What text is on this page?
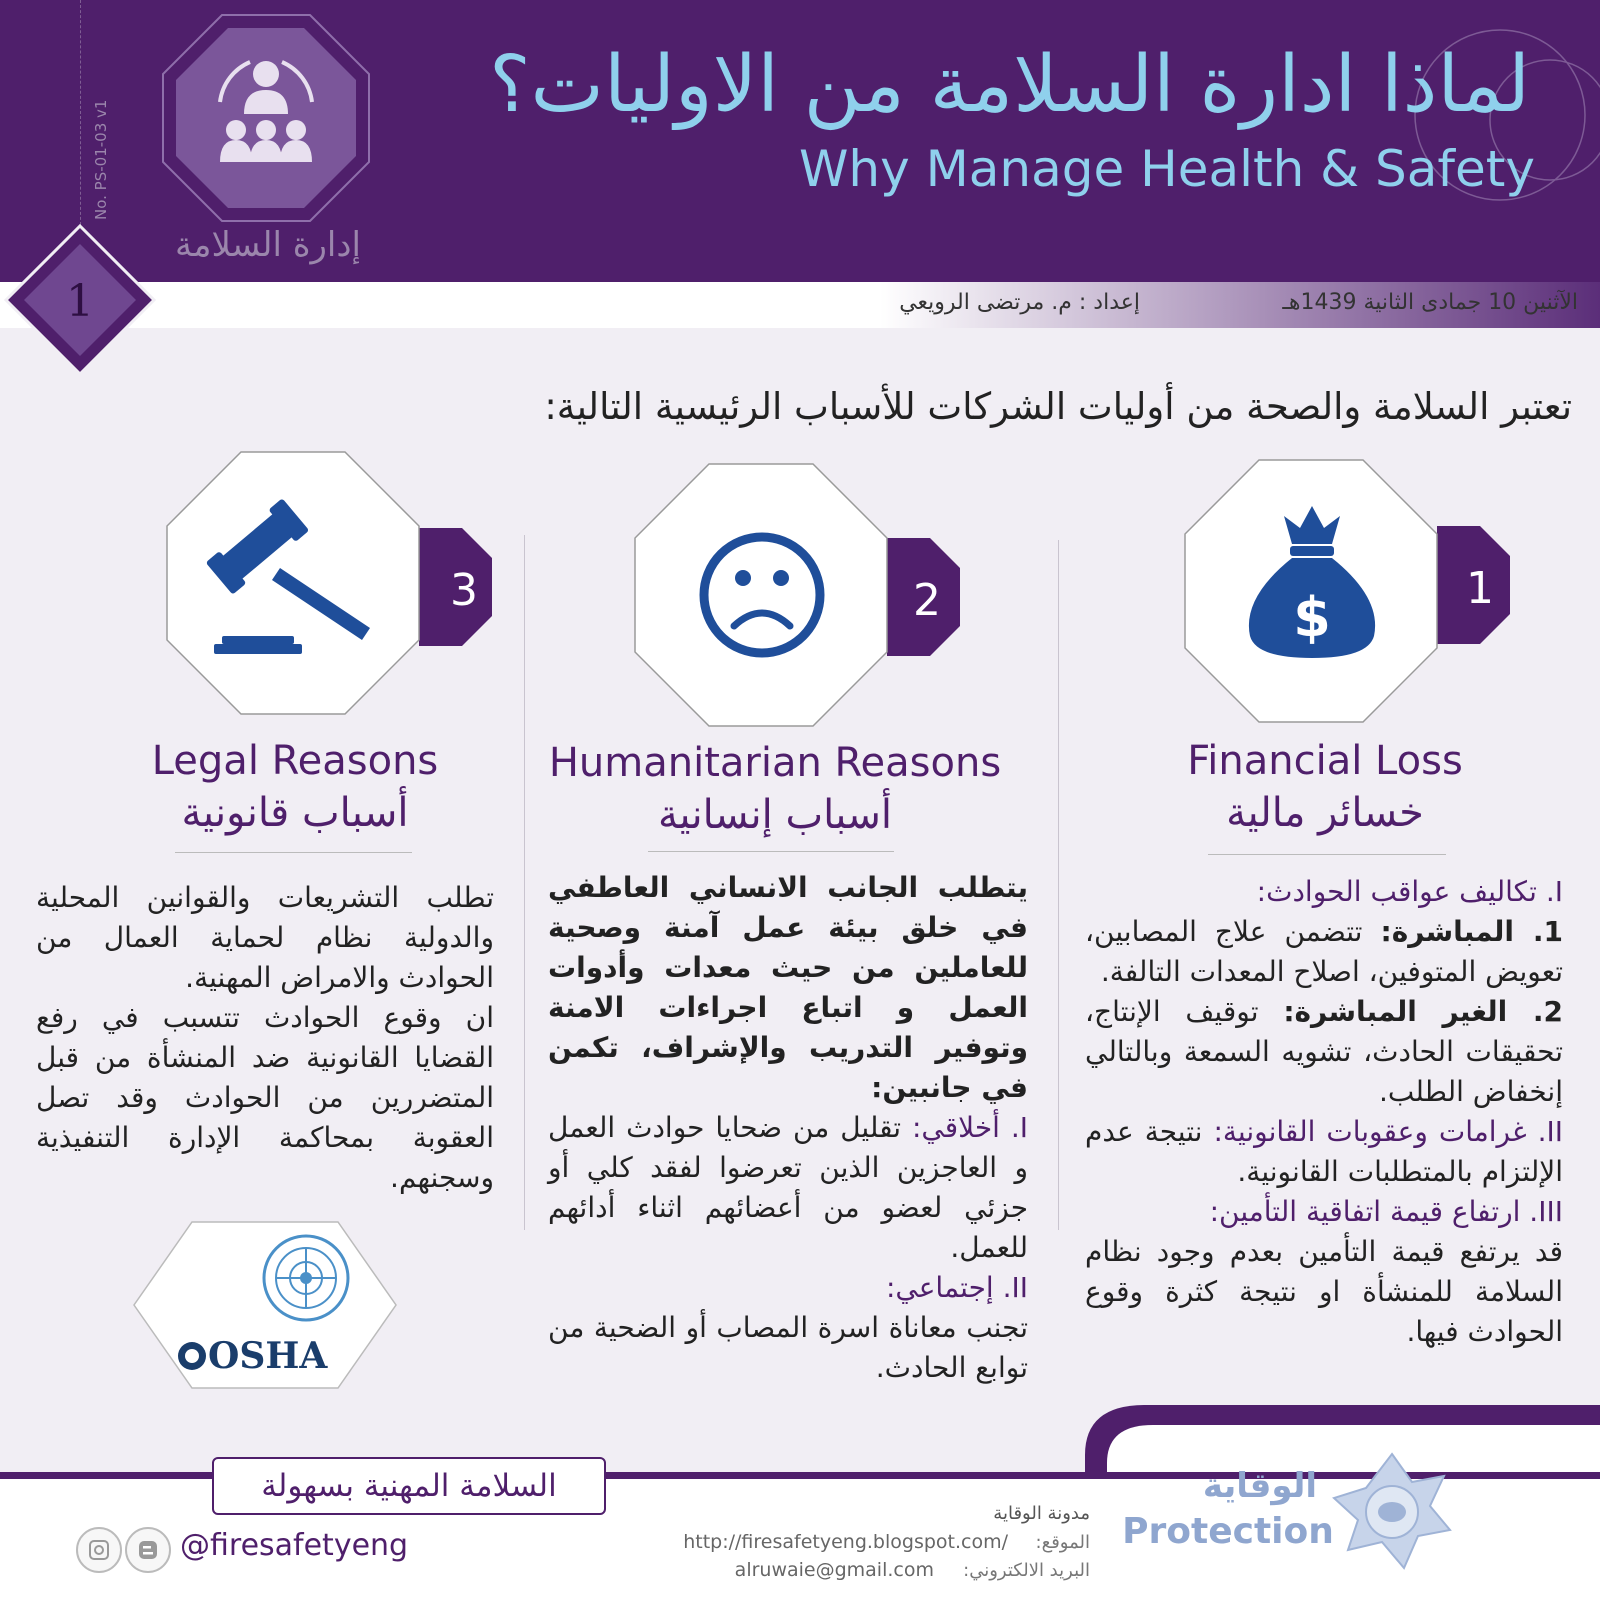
No. PS-01-03 v1
إدارة السلامة
لماذا ادارة السلامة من الاوليات؟
Why Manage Health & Safety
الآثنين 10 جمادى الثانية 1439هـ
إعداد : م. مرتضى الرويعي
1
تعتبر السلامة والصحة من أوليات الشركات للأسباب الرئيسية التالية:
1
$
Financial Loss
خسائر مالية
I. تكاليف عواقب الحوادث:
1. المباشرة: تتضمن علاج المصابين، تعويض المتوفين، اصلاح المعدات التالفة.
2. الغير المباشرة: توقيف الإنتاج، تحقيقات الحادث، تشويه السمعة وبالتالي إنخفاض الطلب.
II. غرامات وعقوبات القانونية: نتيجة عدم الإلتزام بالمتطلبات القانونية.
III. ارتفاع قيمة اتفاقية التأمين:
قد يرتفع قيمة التأمين بعدم وجود نظام السلامة للمنشأة او نتيجة كثرة وقوع الحوادث فيها.
2
Humanitarian Reasons
أسباب إنسانية
يتطلب الجانب الانساني العاطفي في خلق بيئة عمل آمنة وصحية للعاملين من حيث معدات وأدوات العمل و اتباع اجراءات الامنة وتوفير التدريب والإشراف، تكمن في جانبين:
I. أخلاقي: تقليل من ضحايا حوادث العمل و العاجزين الذين تعرضوا لفقد كلي أو جزئي لعضو من أعضائهم اثناء أدائهم للعمل.
II. إجتماعي:
تجنب معاناة اسرة المصاب أو الضحية من توابع الحادث.
3
Legal Reasons
أسباب قانونية
تطلب التشريعات والقوانين المحلية والدولية نظام لحماية العمال من الحوادث والامراض المهنية.
ان وقوع الحوادث تتسبب في رفع القضايا القانونية ضد المنشأة من قبل المتضررين من الحوادث وقد تصل العقوبة بمحاكمة الإدارة التنفيذية وسجنهم.
OSHA
السلامة المهنية بسهولة
@firesafetyeng
مدونة الوقاية
الموقع:
http://firesafetyeng.blogspot.com/
البريد الالكتروني:
alruwaie@gmail.com
الوقاية
Protection
